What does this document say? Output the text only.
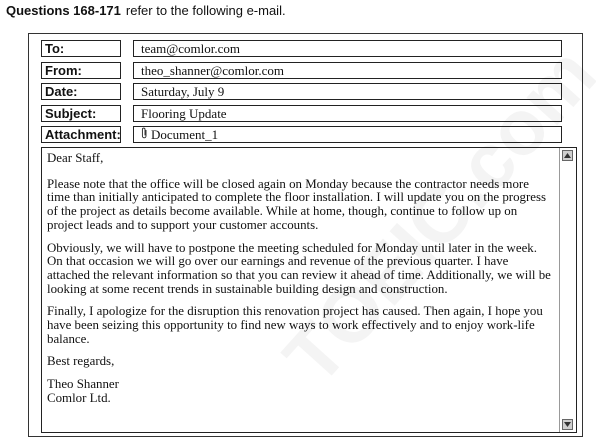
Questions 168-171 refer to the following e-mail.
To:	team@comlor.com
From:	theo_shanner@comlor.com
Date:	Saturday, July 9
Subject:	Flooring Update
Attachment:	Document_1

Dear Staff,

Please note that the office will be closed again on Monday because the contractor needs more time than initially anticipated to complete the floor installation. I will update you on the progress of the project as details become available. While at home, though, continue to follow up on project leads and to support your customer accounts.

Obviously, we will have to postpone the meeting scheduled for Monday until later in the week. On that occasion we will go over our earnings and revenue of the previous quarter. I have attached the relevant information so that you can review it ahead of time. Additionally, we will be looking at some recent trends in sustainable building design and construction.

Finally, I apologize for the disruption this renovation project has caused. Then again, I hope you have been seizing this opportunity to find new ways to work effectively and to enjoy work-life balance.

Best regards,

Theo Shanner

Comlor Ltd.
